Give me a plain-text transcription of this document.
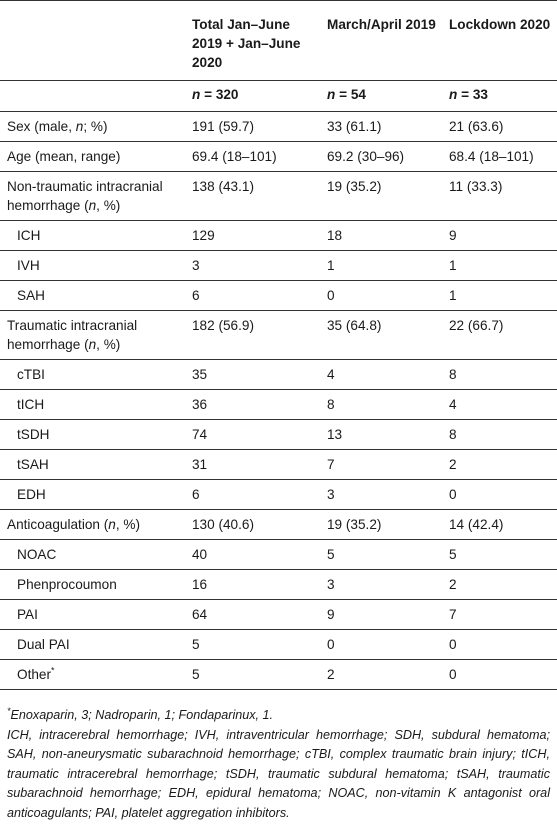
	Total Jan–June 2019 + Jan–June 2020	March/April 2019	Lockdown 2020
	n = 320	n = 54	n = 33
Sex (male, n; %)	191 (59.7)	33 (61.1)	21 (63.6)
Age (mean, range)	69.4 (18–101)	69.2 (30–96)	68.4 (18–101)
Non-traumatic intracranial hemorrhage (n, %)	138 (43.1)	19 (35.2)	11 (33.3)
ICH	129	18	9
IVH	3	1	1
SAH	6	0	1
Traumatic intracranial hemorrhage (n, %)	182 (56.9)	35 (64.8)	22 (66.7)
cTBI	35	4	8
tICH	36	8	4
tSDH	74	13	8
tSAH	31	7	2
EDH	6	3	0
Anticoagulation (n, %)	130 (40.6)	19 (35.2)	14 (42.4)
NOAC	40	5	5
Phenprocoumon	16	3	2
PAI	64	9	7
Dual PAI	5	0	0
Other*	5	2	0

*Enoxaparin, 3; Nadroparin, 1; Fondaparinux, 1.

ICH, intracerebral hemorrhage; IVH, intraventricular hemorrhage; SDH, subdural hematoma; SAH, non-aneurysmatic subarachnoid hemorrhage; cTBI, complex traumatic brain injury; tICH, traumatic intracerebral hemorrhage; tSDH, traumatic subdural hematoma; tSAH, traumatic subarachnoid hemorrhage; EDH, epidural hematoma; NOAC, non-vitamin K antagonist oral anticoagulants; PAI, platelet aggregation inhibitors.
